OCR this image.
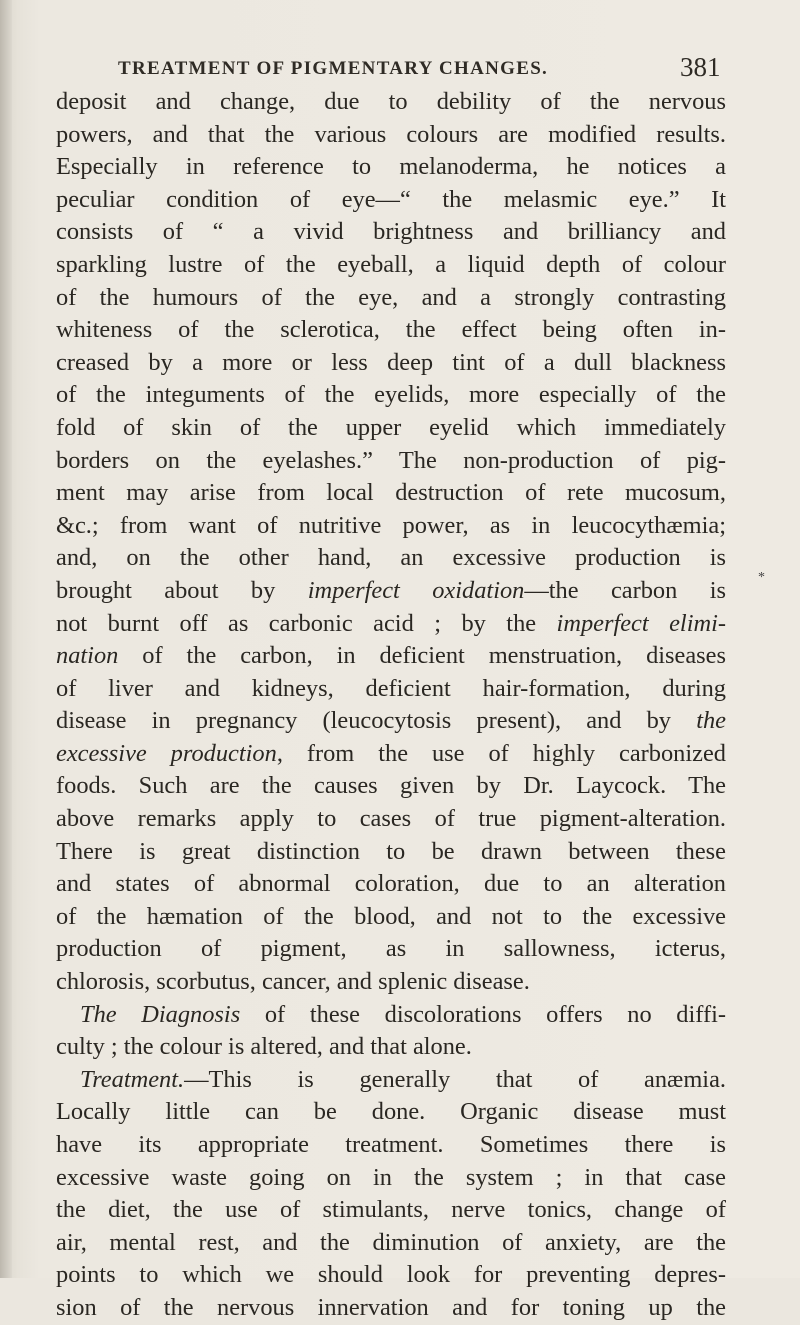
TREATMENT OF PIGMENTARY CHANGES.	381
deposit and change, due to debility of the nervous
powers, and that the various colours are modified results.
Especially in reference to melanoderma, he notices a
peculiar condition of eye—“ the melasmic eye.” It
consists of “ a vivid brightness and brilliancy and
sparkling lustre of the eyeball, a liquid depth of colour
of the humours of the eye, and a strongly contrasting
whiteness of the sclerotica, the effect being often in-
creased by a more or less deep tint of a dull blackness
of the integuments of the eyelids, more especially of the
fold of skin of the upper eyelid which immediately
borders on the eyelashes.” The non-production of pig-
ment may arise from local destruction of rete mucosum,
&c.; from want of nutritive power, as in leucocythæmia;
and, on the other hand, an excessive production is
brought about by imperfect oxidation—the carbon is
not burnt off as carbonic acid ; by the imperfect elimi-
nation of the carbon, in deficient menstruation, diseases
of liver and kidneys, deficient hair-formation, during
disease in pregnancy (leucocytosis present), and by the
excessive production, from the use of highly carbonized
foods. Such are the causes given by Dr. Laycock. The
above remarks apply to cases of true pigment-alteration.
There is great distinction to be drawn between these
and states of abnormal coloration, due to an alteration
of the hæmation of the blood, and not to the excessive
production of pigment, as in sallowness, icterus,
chlorosis, scorbutus, cancer, and splenic disease.
The Diagnosis of these discolorations offers no diffi-
culty ; the colour is altered, and that alone.
Treatment.—This is generally that of anæmia.
Locally little can be done. Organic disease must
have its appropriate treatment. Sometimes there is
excessive waste going on in the system ; in that case
the diet, the use of stimulants, nerve tonics, change of
air, mental rest, and the diminution of anxiety, are the
points to which we should look for preventing depres-
sion of the nervous innervation and for toning up the
*
